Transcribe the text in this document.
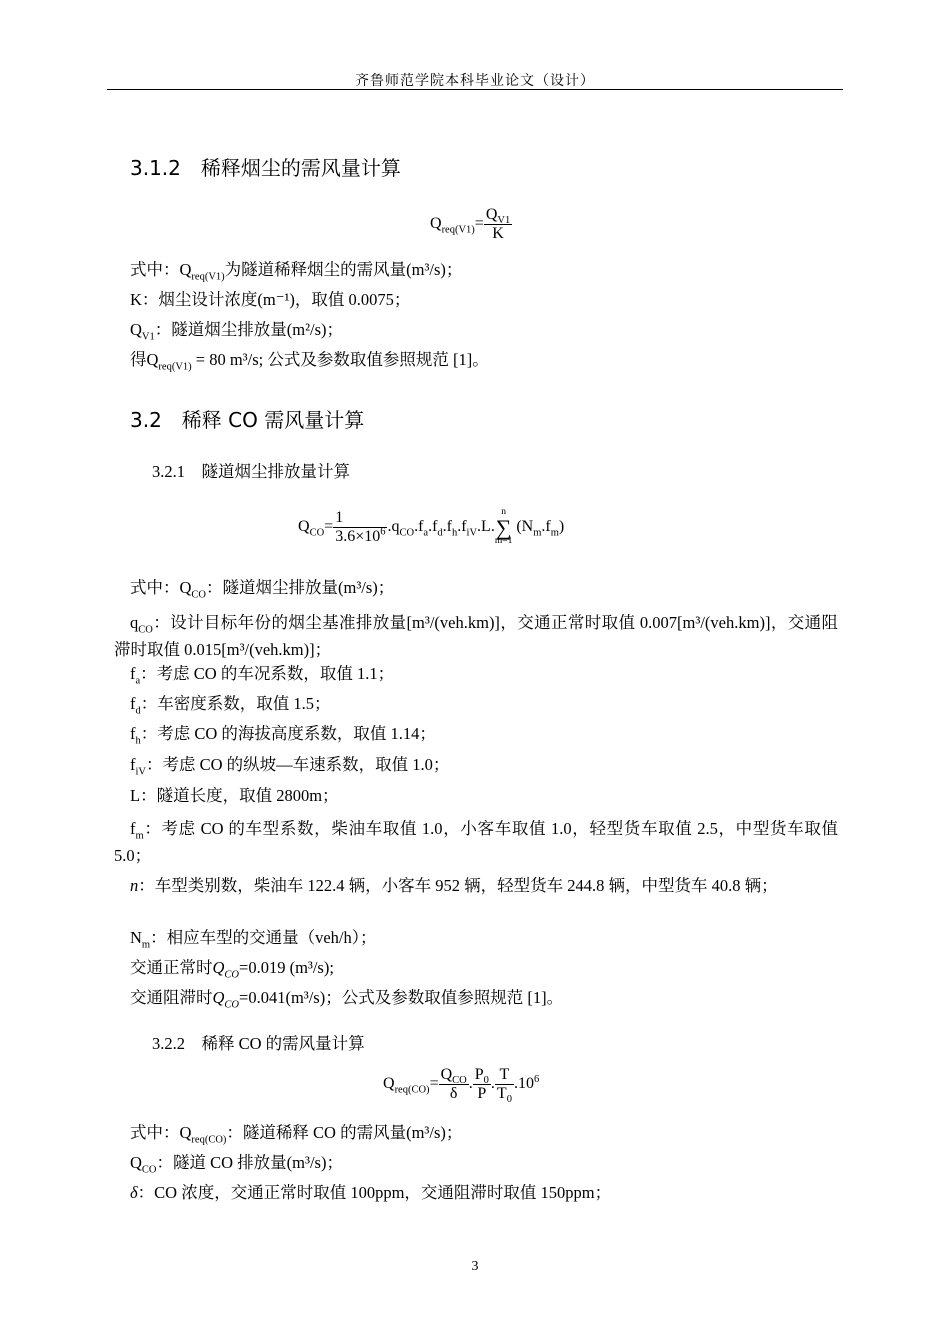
齐鲁师范学院本科毕业论文（设计）
3.1.2　稀释烟尘的需风量计算
$Q_{req(V1)}= \frac{Q_{V1}}{K}$
式中：$Q_{req(V1)}$为隧道稀释烟尘的需风量(m³/s)；
K：烟尘设计浓度(m⁻¹)，取值 0.0075；
$Q_{V1}$：隧道烟尘排放量(m²/s)；
得$Q_{req(V1)} = 80$ m³/s; 公式及参数取值参照规范 [1]。
3.2　稀释 CO 需风量计算
3.2.1　隧道烟尘排放量计算
$Q_{CO}= \frac{1}{3.6\times 10^6} .q_{CO}.f_a.f_d.f_h.f_{iV}.L$.
n
∑
m=1
$(N_m.f_m)$
式中：$Q_{CO}$：隧道烟尘排放量(m³/s)；
$q_{CO}$：设计目标年份的烟尘基准排放量[m³/(veh.km)]，交通正常时取值 0.007[m³/(veh.km)]，交通阻滞时取值 0.015[m³/(veh.km)]；
$f_a$：考虑 CO 的车况系数，取值 1.1；
$f_d$：车密度系数，取值 1.5；
$f_h$：考虑 CO 的海拔高度系数，取值 1.14；
$f_{iV}$：考虑 CO 的纵坡—车速系数，取值 1.0；
L：隧道长度，取值 2800m；
$f_m$：考虑 CO 的车型系数，柴油车取值 1.0，小客车取值 1.0，轻型货车取值 2.5，中型货车取值 5.0；
n：车型类别数，柴油车 122.4 辆，小客车 952 辆，轻型货车 244.8 辆，中型货车 40.8 辆；
$N_m$：相应车型的交通量（veh/h）；
交通正常时$Q_{CO}=0.019$ (m³/s);
交通阻滞时$Q_{CO}=0.041(m^3/s)$；公式及参数取值参照规范 [1]。
3.2.2　稀释 CO 的需风量计算
$Q_{req(CO)}= \frac{Q_{CO}}{\delta}$ . $\frac{P_0}{P}$ . $\frac{T}{T_0} .10^6$
式中：$Q_{req(CO)}$：隧道稀释 CO 的需风量(m³/s)；
$Q_{CO}$：隧道 CO 排放量(m³/s)；
δ：CO 浓度，交通正常时取值 100ppm，交通阻滞时取值 150ppm；
3
